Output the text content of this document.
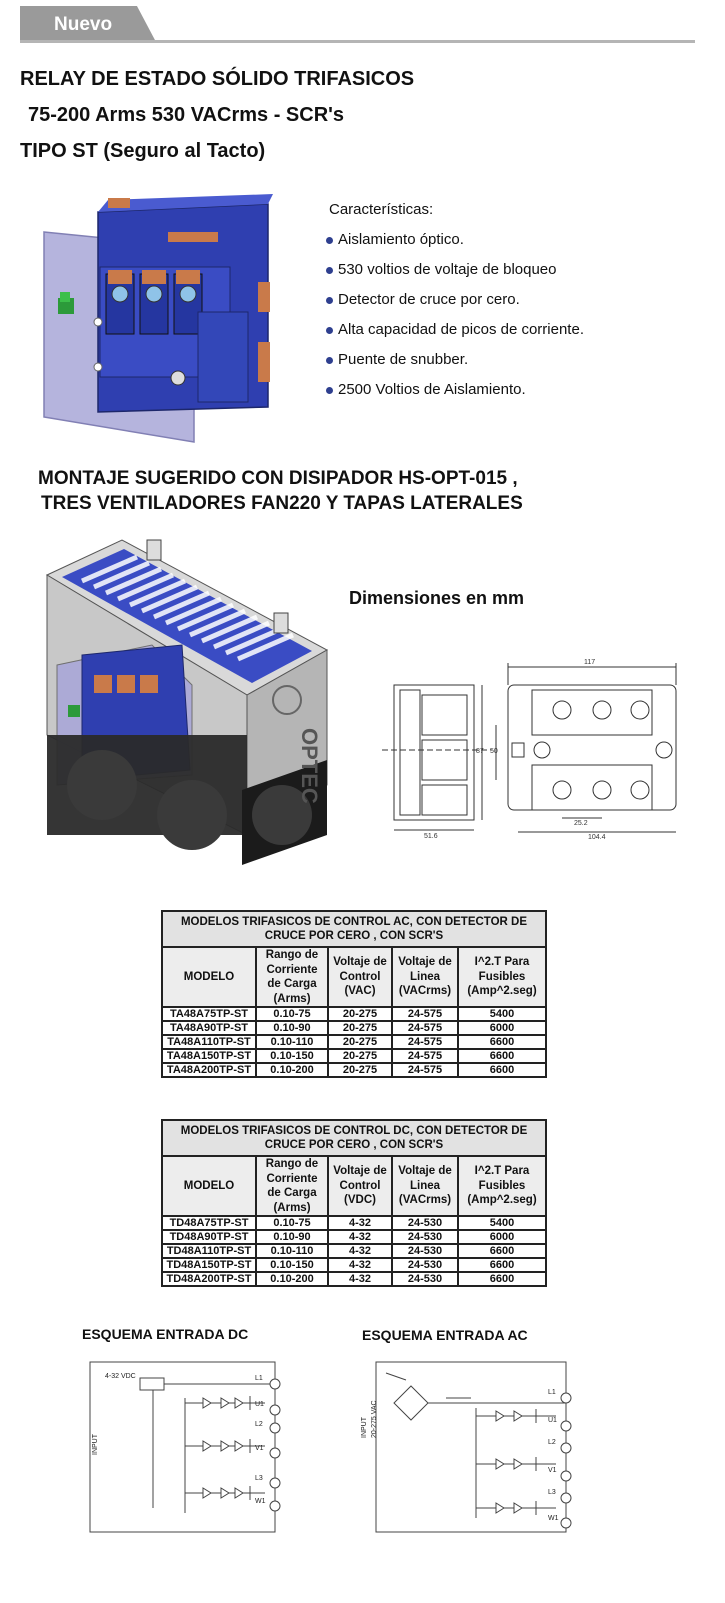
Nuevo
RELAY DE ESTADO SÓLIDO TRIFASICOS
75-200 Arms 530 VACrms - SCR's
TIPO ST (Seguro al Tacto)
Características:
Aislamiento óptico.
530 voltios de voltaje de bloqueo
Detector de cruce por cero.
Alta capacidad de picos de corriente.
Puente de snubber.
2500 Voltios de Aislamiento.
MONTAJE SUGERIDO CON DISIPADOR HS-OPT-015 ,
TRES VENTILADORES FAN220 Y TAPAS LATERALES
OPTEC
Dimensiones en mm
117
51.6
87 50
25.2
104.4
MODELOS TRIFASICOS DE CONTROL AC, CON DETECTOR DE CRUCE POR CERO , CON SCR'S				
MODELO	Rango de Corriente de Carga (Arms)	Voltaje de Control (VAC)	Voltaje de Linea (VACrms)	I^2.T Para Fusibles (Amp^2.seg)
TA48A75TP-ST	0.10-75	20-275	24-575	5400
TA48A90TP-ST	0.10-90	20-275	24-575	6000
TA48A110TP-ST	0.10-110	20-275	24-575	6600
TA48A150TP-ST	0.10-150	20-275	24-575	6600
TA48A200TP-ST	0.10-200	20-275	24-575	6600
MODELOS TRIFASICOS DE CONTROL DC, CON DETECTOR DE CRUCE POR CERO , CON SCR'S				
MODELO	Rango de Corriente de Carga (Arms)	Voltaje de Control (VDC)	Voltaje de Linea (VACrms)	I^2.T Para Fusibles (Amp^2.seg)
TD48A75TP-ST	0.10-75	4-32	24-530	5400
TD48A90TP-ST	0.10-90	4-32	24-530	6000
TD48A110TP-ST	0.10-110	4-32	24-530	6600
TD48A150TP-ST	0.10-150	4-32	24-530	6600
TD48A200TP-ST	0.10-200	4-32	24-530	6600
ESQUEMA ENTRADA DC	ESQUEMA ENTRADA AC
4-32 VDC
INPUT
L1
U1
L2
V1
L3
W1
INPUT 20-275 VAC
L1
U1
L2
V1
L3
W1
